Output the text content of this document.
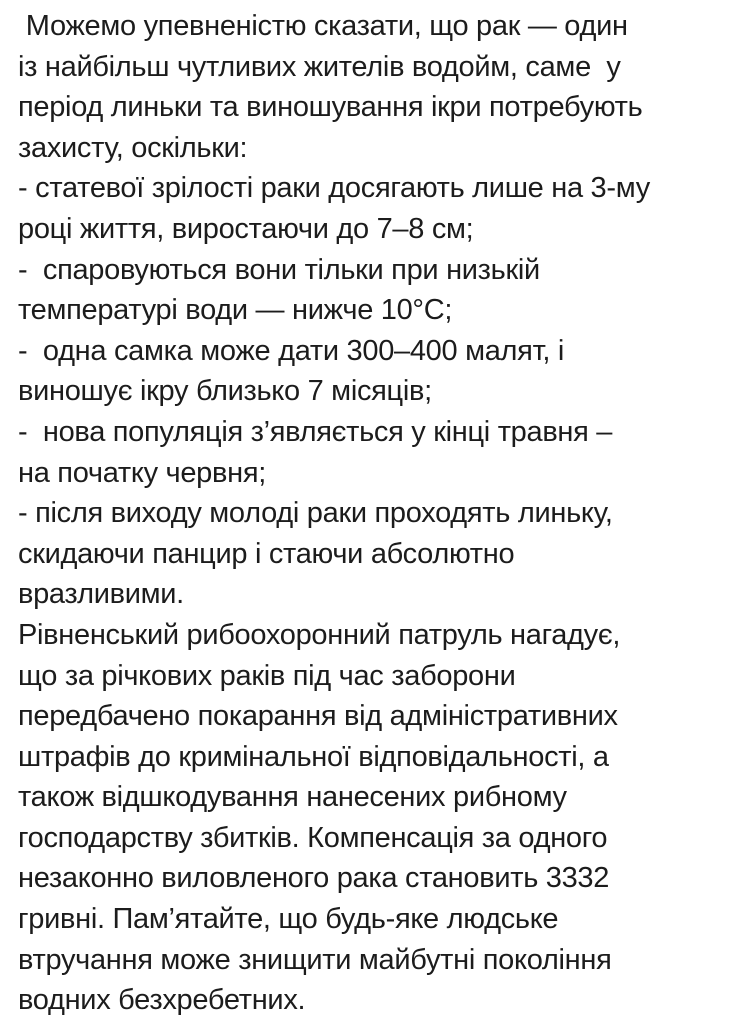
Можемо упевненістю сказати, що рак — один
із найбільш чутливих жителів водойм, саме  у
період линьки та виношування ікри потребують
захисту, оскільки:
- статевої зрілості раки досягають лише на 3-му
році життя, виростаючи до 7–8 см;
-  спаровуються вони тільки при низькій
температурі води — нижче 10°С;
-  одна самка може дати 300–400 малят, і
виношує ікру близько 7 місяців;
-  нова популяція з’являється у кінці травня –
на початку червня;
- після виходу молоді раки проходять линьку,
скидаючи панцир і стаючи абсолютно
вразливими.
Рівненський рибоохоронний патруль нагадує,
що за річкових раків під час заборони
передбачено покарання від адміністративних
штрафів до кримінальної відповідальності, а
також відшкодування нанесених рибному
господарству збитків. Компенсація за одного
незаконно виловленого рака становить 3332
гривні. Пам’ятайте, що будь-яке людське
втручання може знищити майбутні покоління
водних безхребетних.
